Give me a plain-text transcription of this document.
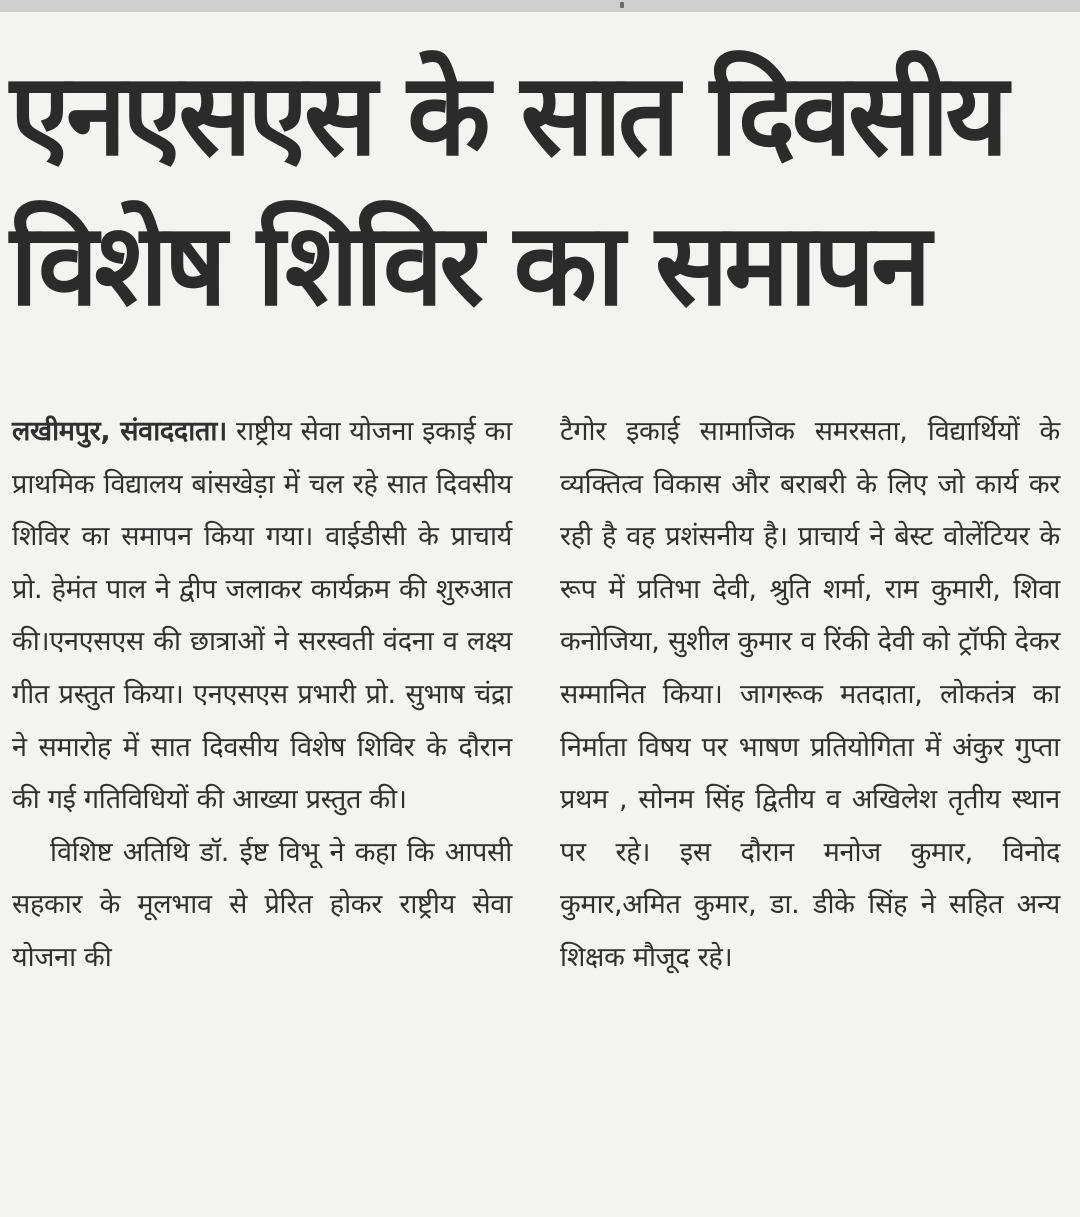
एनएसएस के सात दिवसीय
विशेष शिविर का समापन

लखीमपुर, संवाददाता। राष्ट्रीय सेवा योजना इकाई का प्राथमिक विद्यालय बांसखेड़ा में चल रहे सात दिवसीय शिविर का समापन किया गया। वाईडीसी के प्राचार्य प्रो. हेमंत पाल ने द्वीप जलाकर कार्यक्रम की शुरुआत की।एनएसएस की छात्राओं ने सरस्वती वंदना व लक्ष्य गीत प्रस्तुत किया। एनएसएस प्रभारी प्रो. सुभाष चंद्रा ने समारोह में सात दिवसीय विशेष शिविर के दौरान की गई गतिविधियों की आख्या प्रस्तुत की।

विशिष्ट अतिथि डॉ. ईष्ट विभू ने कहा कि आपसी सहकार के मूलभाव से प्रेरित होकर राष्ट्रीय सेवा योजना की

टैगोर इकाई सामाजिक समरसता, विद्यार्थियों के व्यक्तित्व विकास और बराबरी के लिए जो कार्य कर रही है वह प्रशंसनीय है। प्राचार्य ने बेस्ट वोलेंटियर के रूप में प्रतिभा देवी, श्रुति शर्मा, राम कुमारी, शिवा कनोजिया, सुशील कुमार व रिंकी देवी को ट्रॉफी देकर सम्मानित किया। जागरूक मतदाता, लोकतंत्र का निर्माता विषय पर भाषण प्रतियोगिता में अंकुर गुप्ता प्रथम , सोनम सिंह द्वितीय व अखिलेश तृतीय स्थान पर रहे। इस दौरान मनोज कुमार, विनोद कुमार,अमित कुमार, डा. डीके सिंह ने सहित अन्य शिक्षक मौजूद रहे।
